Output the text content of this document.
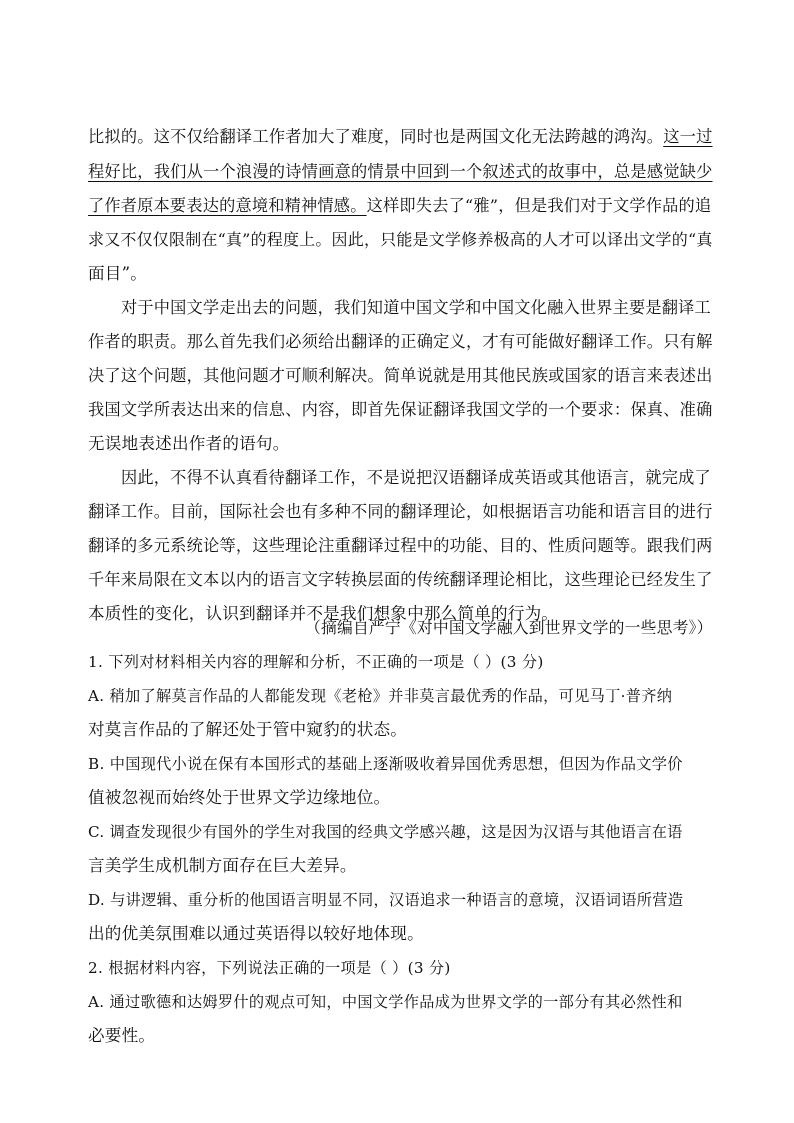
比拟的。这不仅给翻译工作者加大了难度，同时也是两国文化无法跨越的鸿沟。这一过
程好比，我们从一个浪漫的诗情画意的情景中回到一个叙述式的故事中，总是感觉缺少
了作者原本要表达的意境和精神情感。这样即失去了“雅”，但是我们对于文学作品的追
求又不仅仅限制在“真”的程度上。因此，只能是文学修养极高的人才可以译出文学的“真
面目”。
对于中国文学走出去的问题，我们知道中国文学和中国文化融入世界主要是翻译工
作者的职责。那么首先我们必须给出翻译的正确定义，才有可能做好翻译工作。只有解
决了这个问题，其他问题才可顺利解决。简单说就是用其他民族或国家的语言来表述出
我国文学所表达出来的信息、内容，即首先保证翻译我国文学的一个要求：保真、准确
无误地表述出作者的语句。
因此，不得不认真看待翻译工作，不是说把汉语翻译成英语或其他语言，就完成了
翻译工作。目前，国际社会也有多种不同的翻译理论，如根据语言功能和语言目的进行
翻译的多元系统论等，这些理论注重翻译过程中的功能、目的、性质问题等。跟我们两
千年来局限在文本以内的语言文字转换层面的传统翻译理论相比，这些理论已经发生了
本质性的变化，认识到翻译并不是我们想象中那么简单的行为。
（摘编自严宁《对中国文学融入到世界文学的一些思考》）
1. 下列对材料相关内容的理解和分析，不正确的一项是（ ）(3 分)
A. 稍加了解莫言作品的人都能发现《老枪》并非莫言最优秀的作品，可见马丁·普齐纳
对莫言作品的了解还处于管中窥豹的状态。
B. 中国现代小说在保有本国形式的基础上逐渐吸收着异国优秀思想，但因为作品文学价
值被忽视而始终处于世界文学边缘地位。
C. 调查发现很少有国外的学生对我国的经典文学感兴趣，这是因为汉语与其他语言在语
言美学生成机制方面存在巨大差异。
D. 与讲逻辑、重分析的他国语言明显不同，汉语追求一种语言的意境，汉语词语所营造
出的优美氛围难以通过英语得以较好地体现。
2. 根据材料内容，下列说法正确的一项是（ ）(3 分)
A. 通过歌德和达姆罗什的观点可知，中国文学作品成为世界文学的一部分有其必然性和
必要性。
